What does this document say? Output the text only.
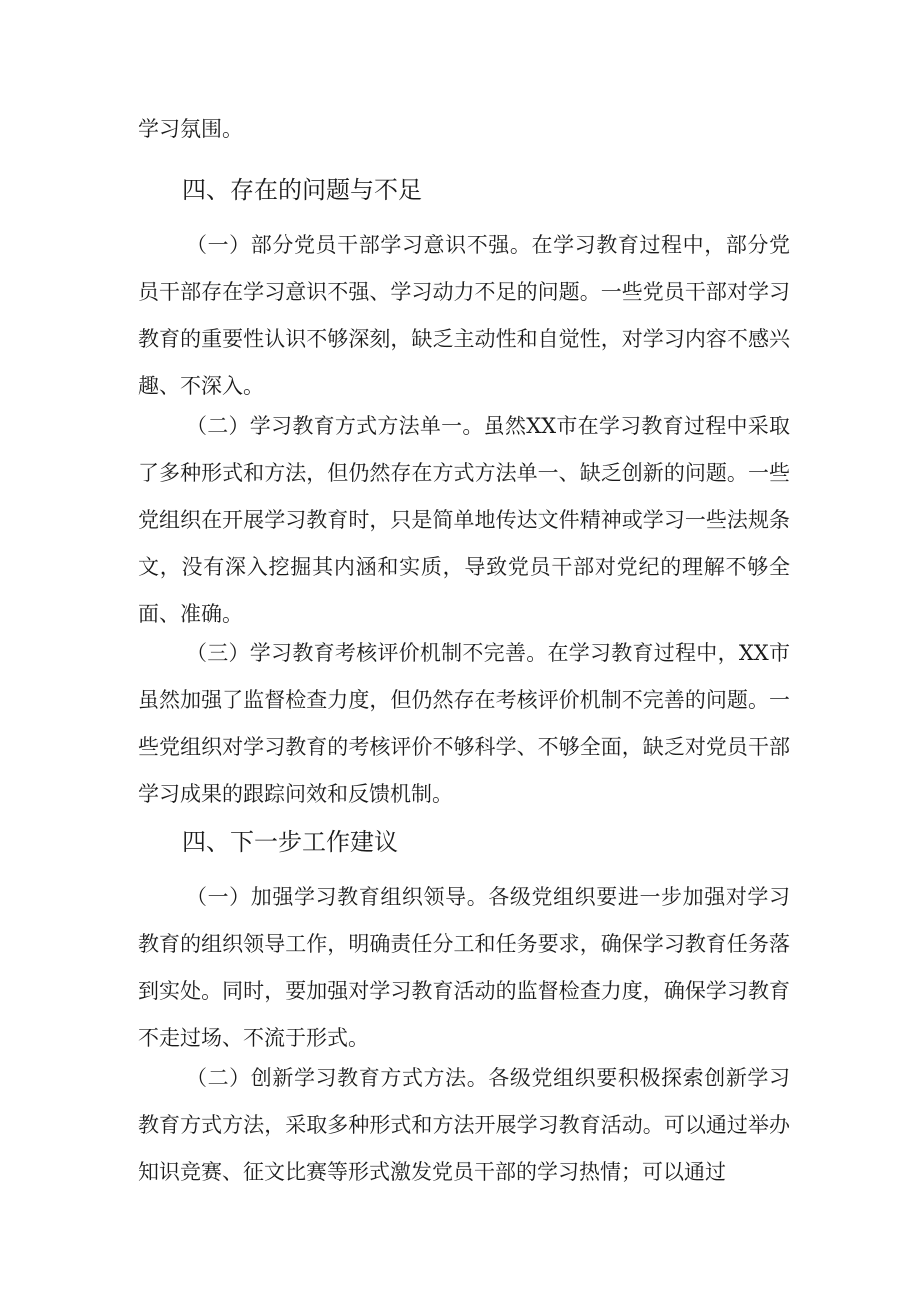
学习氛围。

四、存在的问题与不足

（一）部分党员干部学习意识不强。在学习教育过程中，部分党员干部存在学习意识不强、学习动力不足的问题。一些党员干部对学习教育的重要性认识不够深刻，缺乏主动性和自觉性，对学习内容不感兴趣、不深入。

（二）学习教育方式方法单一。虽然XX市在学习教育过程中采取了多种形式和方法，但仍然存在方式方法单一、缺乏创新的问题。一些党组织在开展学习教育时，只是简单地传达文件精神或学习一些法规条文，没有深入挖掘其内涵和实质，导致党员干部对党纪的理解不够全面、准确。

（三）学习教育考核评价机制不完善。在学习教育过程中，XX市虽然加强了监督检查力度，但仍然存在考核评价机制不完善的问题。一些党组织对学习教育的考核评价不够科学、不够全面，缺乏对党员干部学习成果的跟踪问效和反馈机制。

四、下一步工作建议

（一）加强学习教育组织领导。各级党组织要进一步加强对学习教育的组织领导工作，明确责任分工和任务要求，确保学习教育任务落到实处。同时，要加强对学习教育活动的监督检查力度，确保学习教育不走过场、不流于形式。

（二）创新学习教育方式方法。各级党组织要积极探索创新学习教育方式方法，采取多种形式和方法开展学习教育活动。可以通过举办知识竞赛、征文比赛等形式激发党员干部的学习热情；可以通过
